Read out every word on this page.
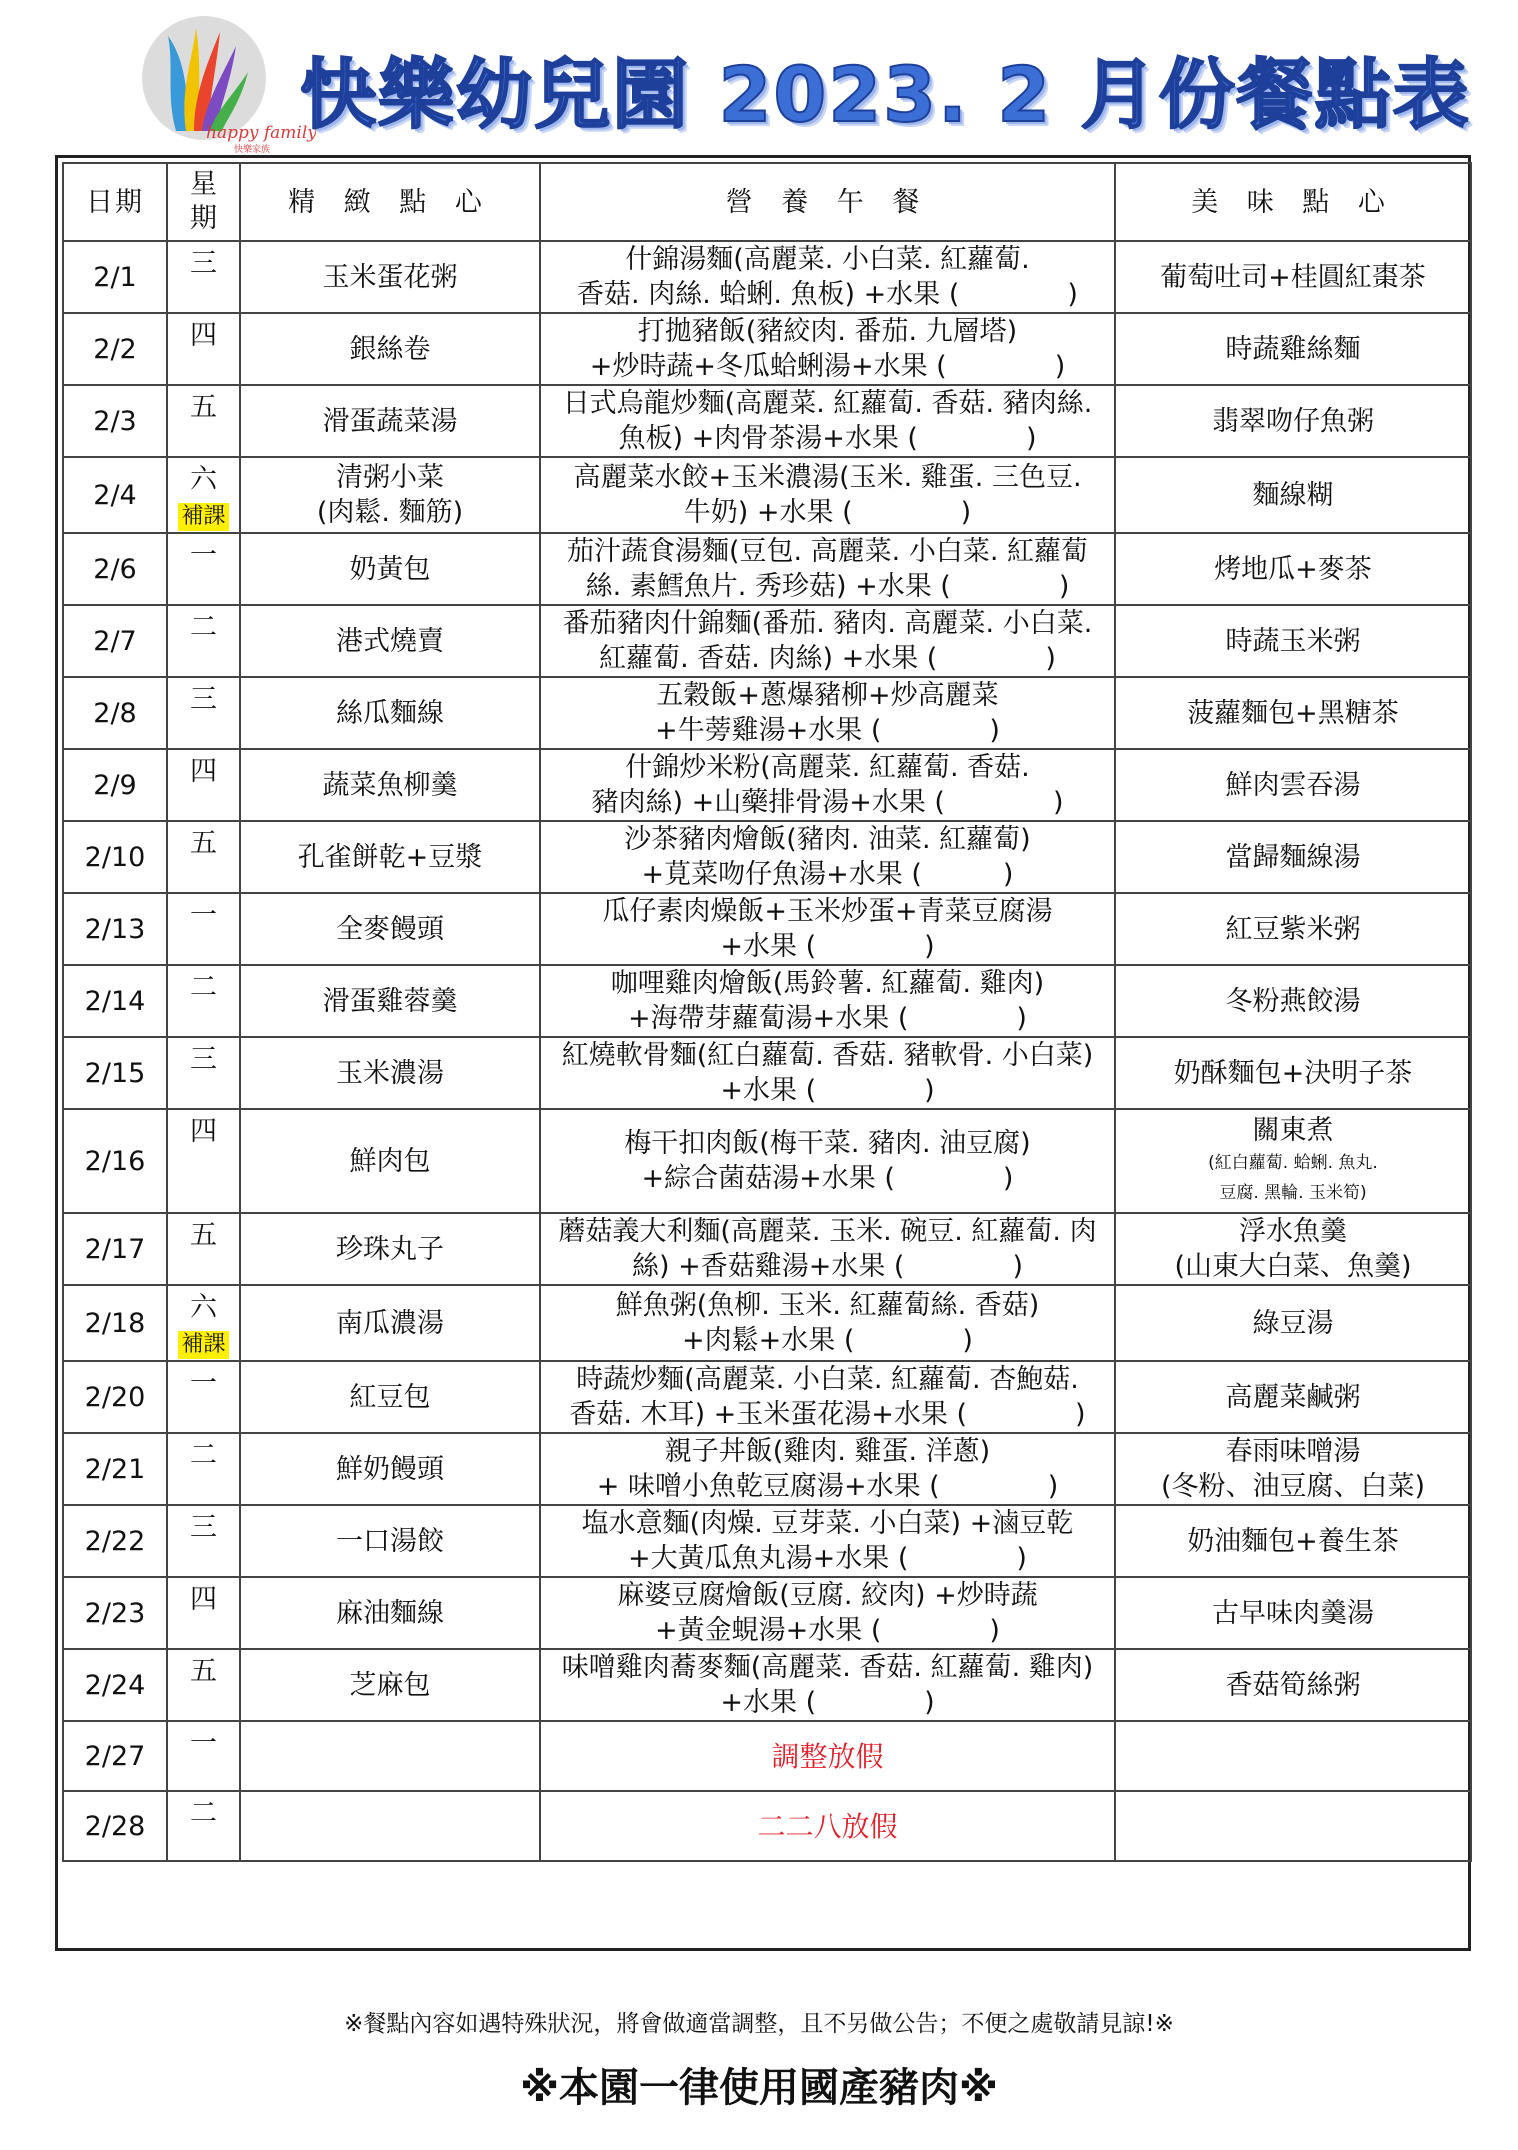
happy family
快樂家族
快樂幼兒園 2023. 2 月份餐點表
日期	星期	精 緻 點 心	營 養 午 餐	美 味 點 心
2/1	三	玉米蛋花粥	什錦湯麵(高麗菜. 小白菜. 紅蘿蔔.
香菇. 肉絲. 蛤蜊. 魚板) +水果 (　　　　)	葡萄吐司+桂圓紅棗茶

2/2	四	銀絲卷	打拋豬飯(豬絞肉. 番茄. 九層塔)
+炒時蔬+冬瓜蛤蜊湯+水果 (　　　　)	時蔬雞絲麵

2/3	五	滑蛋蔬菜湯	日式烏龍炒麵(高麗菜. 紅蘿蔔. 香菇. 豬肉絲.
魚板) +肉骨茶湯+水果 (　　　　)	翡翠吻仔魚粥

2/4	六
補課	清粥小菜
(肉鬆. 麵筋)	高麗菜水餃+玉米濃湯(玉米. 雞蛋. 三色豆.
牛奶) +水果 (　　　　)	麵線糊

2/6	一	奶黃包	茄汁蔬食湯麵(豆包. 高麗菜. 小白菜. 紅蘿蔔
絲. 素鱈魚片. 秀珍菇) +水果 (　　　　)	烤地瓜+麥茶

2/7	二	港式燒賣	番茄豬肉什錦麵(番茄. 豬肉. 高麗菜. 小白菜.
紅蘿蔔. 香菇. 肉絲) +水果 (　　　　)	時蔬玉米粥

2/8	三	絲瓜麵線	五穀飯+蔥爆豬柳+炒高麗菜
+牛蒡雞湯+水果 (　　　　)	菠蘿麵包+黑糖茶

2/9	四	蔬菜魚柳羹	什錦炒米粉(高麗菜. 紅蘿蔔. 香菇.
豬肉絲) +山藥排骨湯+水果 (　　　　)	鮮肉雲吞湯

2/10	五	孔雀餅乾+豆漿	沙茶豬肉燴飯(豬肉. 油菜. 紅蘿蔔)
+莧菜吻仔魚湯+水果 (　　　)	當歸麵線湯

2/13	一	全麥饅頭	瓜仔素肉燥飯+玉米炒蛋+青菜豆腐湯
+水果 (　　　　)	紅豆紫米粥

2/14	二	滑蛋雞蓉羹	咖哩雞肉燴飯(馬鈴薯. 紅蘿蔔. 雞肉)
+海帶芽蘿蔔湯+水果 (　　　　)	冬粉燕餃湯

2/15	三	玉米濃湯	紅燒軟骨麵(紅白蘿蔔. 香菇. 豬軟骨. 小白菜)
+水果 (　　　　)	奶酥麵包+決明子茶

2/16	四	鮮肉包	梅干扣肉飯(梅干菜. 豬肉. 油豆腐)
+綜合菌菇湯+水果 (　　　　)	關東煮
(紅白蘿蔔. 蛤蜊. 魚丸.
豆腐. 黑輪. 玉米筍)

2/17	五	珍珠丸子	蘑菇義大利麵(高麗菜. 玉米. 碗豆. 紅蘿蔔. 肉
絲) +香菇雞湯+水果 (　　　　)	浮水魚羹
(山東大白菜、魚羹)

2/18	六
補課	南瓜濃湯	鮮魚粥(魚柳. 玉米. 紅蘿蔔絲. 香菇)
+肉鬆+水果 (　　　　)	綠豆湯

2/20	一	紅豆包	時蔬炒麵(高麗菜. 小白菜. 紅蘿蔔. 杏鮑菇.
香菇. 木耳) +玉米蛋花湯+水果 (　　　　)	高麗菜鹹粥

2/21	二	鮮奶饅頭	親子丼飯(雞肉. 雞蛋. 洋蔥)
+ 味噌小魚乾豆腐湯+水果 (　　　　)	春雨味噌湯
(冬粉、油豆腐、白菜)

2/22	三	一口湯餃	塩水意麵(肉燥. 豆芽菜. 小白菜) +滷豆乾
+大黃瓜魚丸湯+水果 (　　　　)	奶油麵包+養生茶

2/23	四	麻油麵線	麻婆豆腐燴飯(豆腐. 絞肉) +炒時蔬
+黃金蜆湯+水果 (　　　　)	古早味肉羹湯

2/24	五	芝麻包	味噌雞肉蕎麥麵(高麗菜. 香菇. 紅蘿蔔. 雞肉)
+水果 (　　　　)	香菇筍絲粥

2/27	一		調整放假	

2/28	二		二二八放假	

※餐點內容如遇特殊狀況，將會做適當調整，且不另做公告；不便之處敬請見諒!※
※本園一律使用國產豬肉※
